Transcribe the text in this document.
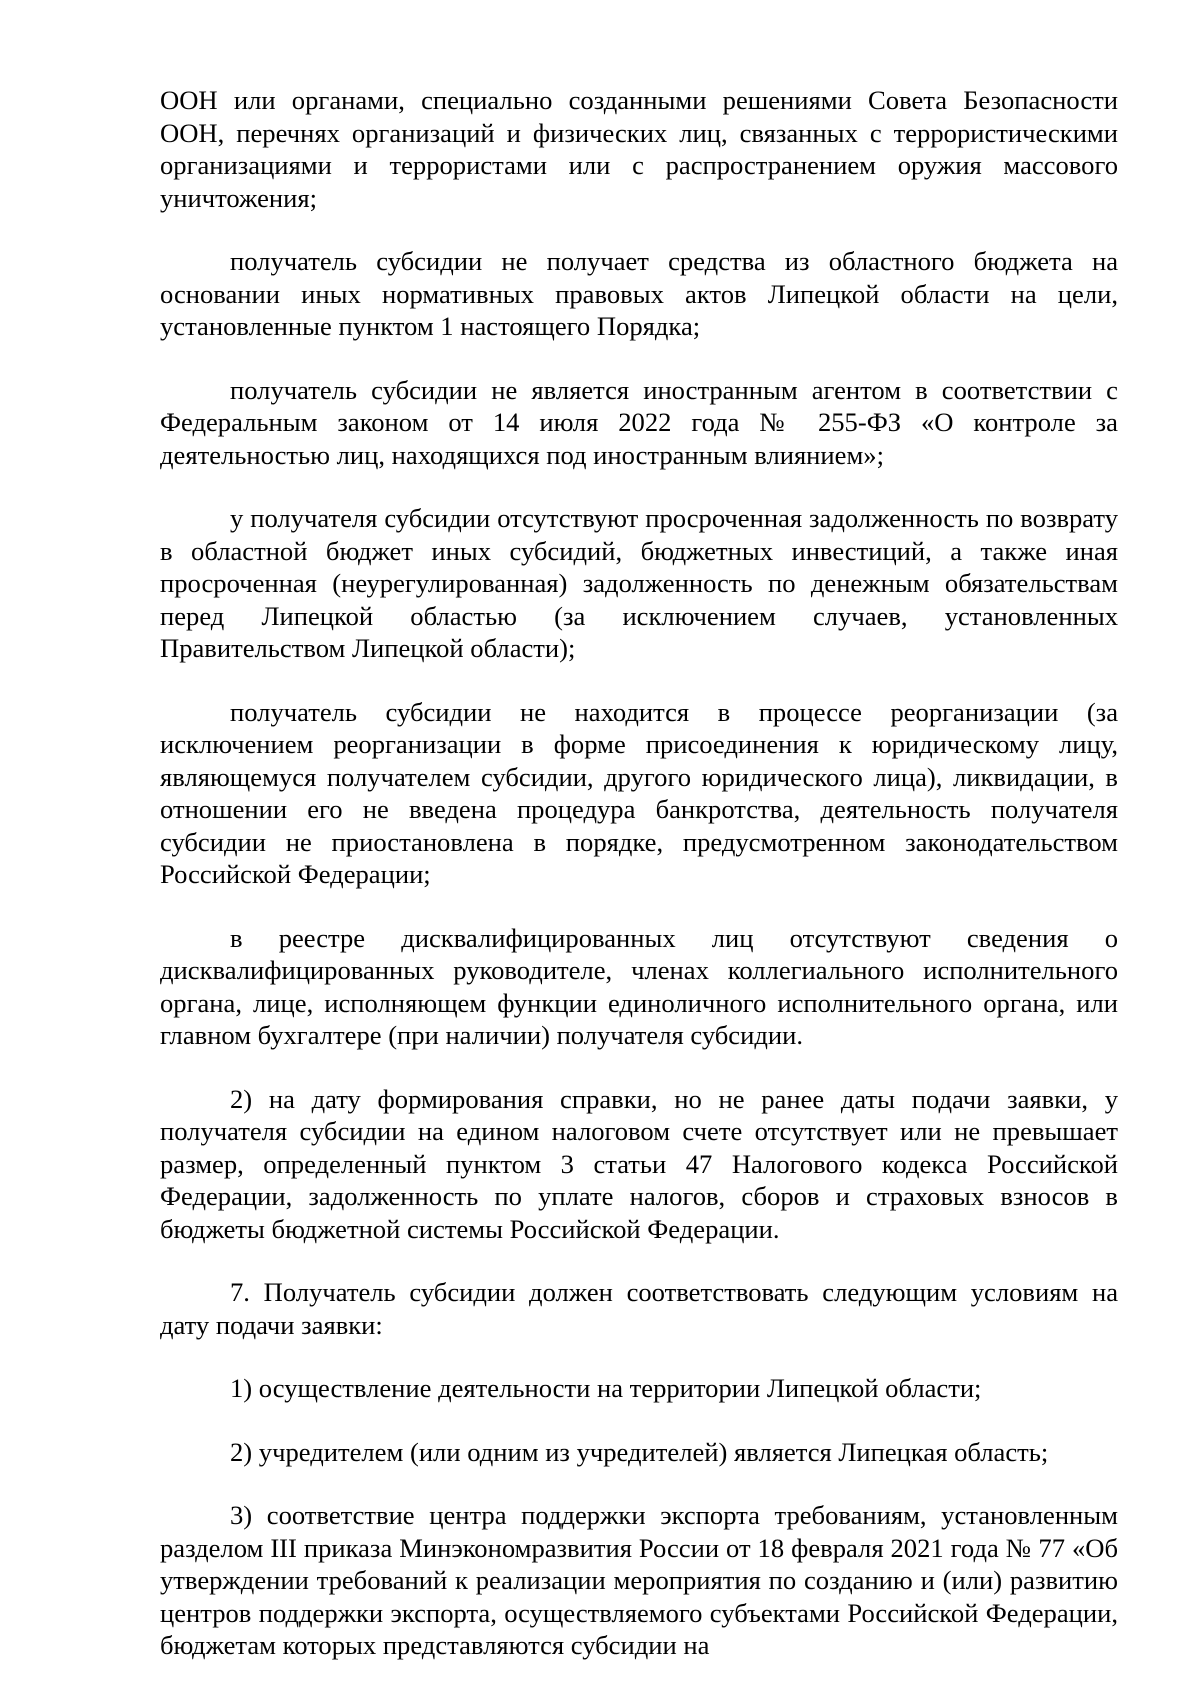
ООН или органами, специально созданными решениями Совета Безопасности ООН, перечнях организаций и физических лиц, связанных с террористическими организациями и террористами или с распространением оружия массового уничтожения;

получатель субсидии не получает средства из областного бюджета на основании иных нормативных правовых актов Липецкой области на цели, установленные пунктом 1 настоящего Порядка;

получатель субсидии не является иностранным агентом в соответствии с Федеральным законом от 14 июля 2022 года № 255-ФЗ «О контроле за деятельностью лиц, находящихся под иностранным влиянием»;

у получателя субсидии отсутствуют просроченная задолженность по возврату в областной бюджет иных субсидий, бюджетных инвестиций, а также иная просроченная (неурегулированная) задолженность по денежным обязательствам перед Липецкой областью (за исключением случаев, установленных Правительством Липецкой области);

получатель субсидии не находится в процессе реорганизации (за исключением реорганизации в форме присоединения к юридическому лицу, являющемуся получателем субсидии, другого юридического лица), ликвидации, в отношении его не введена процедура банкротства, деятельность получателя субсидии не приостановлена в порядке, предусмотренном законодательством Российской Федерации;

в реестре дисквалифицированных лиц отсутствуют сведения о дисквалифицированных руководителе, членах коллегиального исполнительного органа, лице, исполняющем функции единоличного исполнительного органа, или главном бухгалтере (при наличии) получателя субсидии.

2) на дату формирования справки, но не ранее даты подачи заявки, у получателя субсидии на едином налоговом счете отсутствует или не превышает размер, определенный пунктом 3 статьи 47 Налогового кодекса Российской Федерации, задолженность по уплате налогов, сборов и страховых взносов в бюджеты бюджетной системы Российской Федерации.

7. Получатель субсидии должен соответствовать следующим условиям на дату подачи заявки:

1) осуществление деятельности на территории Липецкой области;

2) учредителем (или одним из учредителей) является Липецкая область;

3) соответствие центра поддержки экспорта требованиям, установленным разделом III приказа Минэкономразвития России от 18 февраля 2021 года № 77 «Об утверждении требований к реализации мероприятия по созданию и (или) развитию центров поддержки экспорта, осуществляемого субъектами Российской Федерации, бюджетам которых представляются субсидии на
